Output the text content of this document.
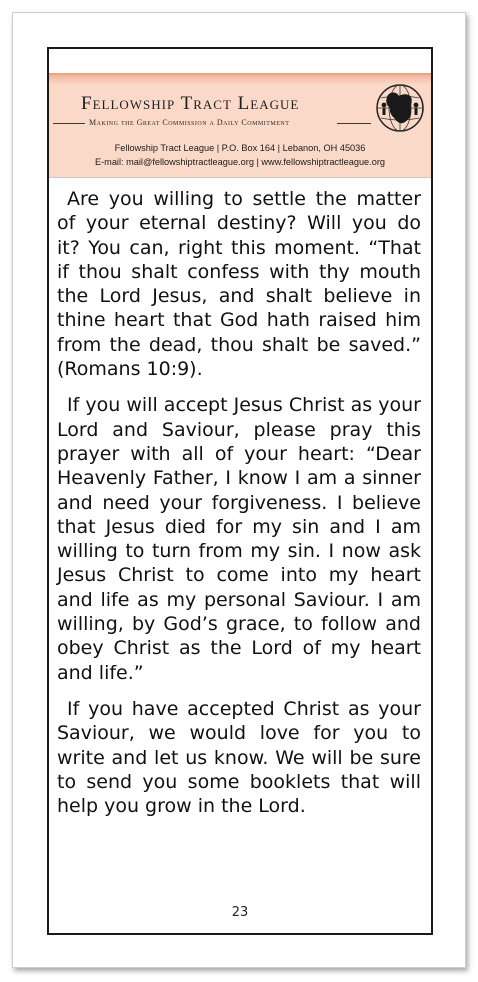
Fellowship Tract League
Making the Great Commission a Daily Commitment
Fellowship Tract League | P.O. Box 164 | Lebanon, OH 45036
E-mail: mail@fellowshiptractleague.org | www.fellowshiptractleague.org

Are you willing to settle the matter of your eternal destiny? Will you do it? You can, right this moment. “That if thou shalt confess with thy mouth the Lord Jesus, and shalt believe in thine heart that God hath raised him from the dead, thou shalt be saved.” (Romans 10:9).

If you will accept Jesus Christ as your Lord and Saviour, please pray this prayer with all of your heart: “Dear Heavenly Father, I know I am a sinner and need your forgiveness. I believe that Jesus died for my sin and I am willing to turn from my sin. I now ask Jesus Christ to come into my heart and life as my personal Saviour. I am willing, by God’s grace, to follow and obey Christ as the Lord of my heart and life.”

If you have accepted Christ as your Saviour, we would love for you to write and let us know. We will be sure to send you some booklets that will help you grow in the Lord.

23
